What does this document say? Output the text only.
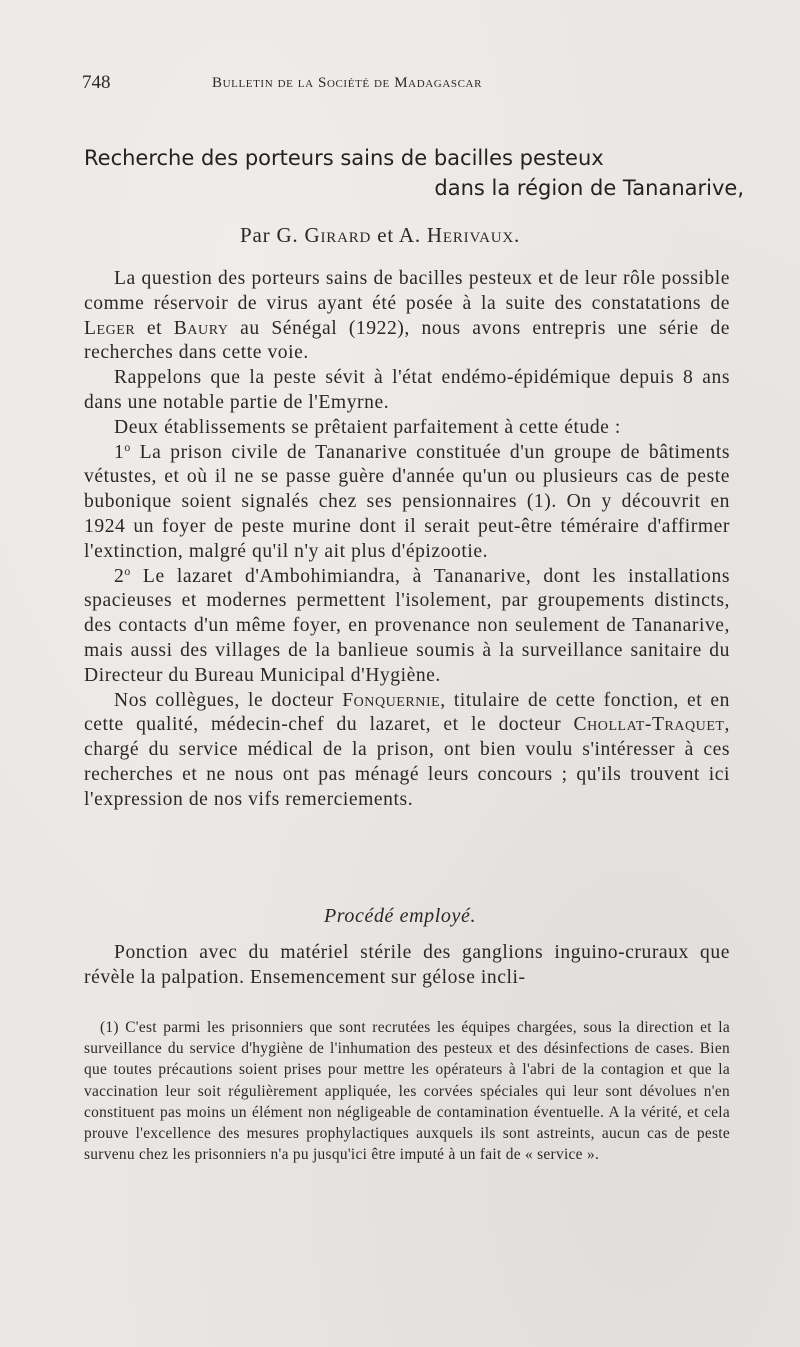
748	Bulletin de la Société de Madagascar
Recherche des porteurs sains de bacilles pesteux
dans la région de Tananarive,
Par G. Girard et A. Herivaux.

La question des porteurs sains de bacilles pesteux et de leur rôle possible comme réservoir de virus ayant été posée à la suite des constatations de Leger et Baury au Sénégal (1922), nous avons entrepris une série de recherches dans cette voie.

Rappelons que la peste sévit à l'état endémo-épidémique depuis 8 ans dans une notable partie de l'Emyrne.

Deux établissements se prêtaient parfaitement à cette étude :

1$^o$ La prison civile de Tananarive constituée d'un groupe de bâtiments vétustes, et où il ne se passe guère d'année qu'un ou plusieurs cas de peste bubonique soient signalés chez ses pensionnaires (1). On y découvrit en 1924 un foyer de peste murine dont il serait peut-être téméraire d'affirmer l'extinction, malgré qu'il n'y ait plus d'épizootie.

2$^o$ Le lazaret d'Ambohimiandra, à Tananarive, dont les installations spacieuses et modernes permettent l'isolement, par groupements distincts, des contacts d'un même foyer, en provenance non seulement de Tananarive, mais aussi des villages de la banlieue soumis à la surveillance sanitaire du Directeur du Bureau Municipal d'Hygiène.

Nos collègues, le docteur Fonquernie, titulaire de cette fonction, et en cette qualité, médecin-chef du lazaret, et le docteur Chollat-Traquet, chargé du service médical de la prison, ont bien voulu s'intéresser à ces recherches et ne nous ont pas ménagé leurs concours ; qu'ils trouvent ici l'expression de nos vifs remerciements.

Procédé employé.

Ponction avec du matériel stérile des ganglions inguino-cruraux que révèle la palpation. Ensemencement sur gélose incli-

(1) C'est parmi les prisonniers que sont recrutées les équipes chargées, sous la direction et la surveillance du service d'hygiène de l'inhumation des pesteux et des désinfections de cases. Bien que toutes précautions soient prises pour mettre les opérateurs à l'abri de la contagion et que la vaccination leur soit régulièrement appliquée, les corvées spéciales qui leur sont dévolues n'en constituent pas moins un élément non négligeable de contamination éventuelle. A la vérité, et cela prouve l'excellence des mesures prophylactiques auxquels ils sont astreints, aucun cas de peste survenu chez les prisonniers n'a pu jusqu'ici être imputé à un fait de « service ».
